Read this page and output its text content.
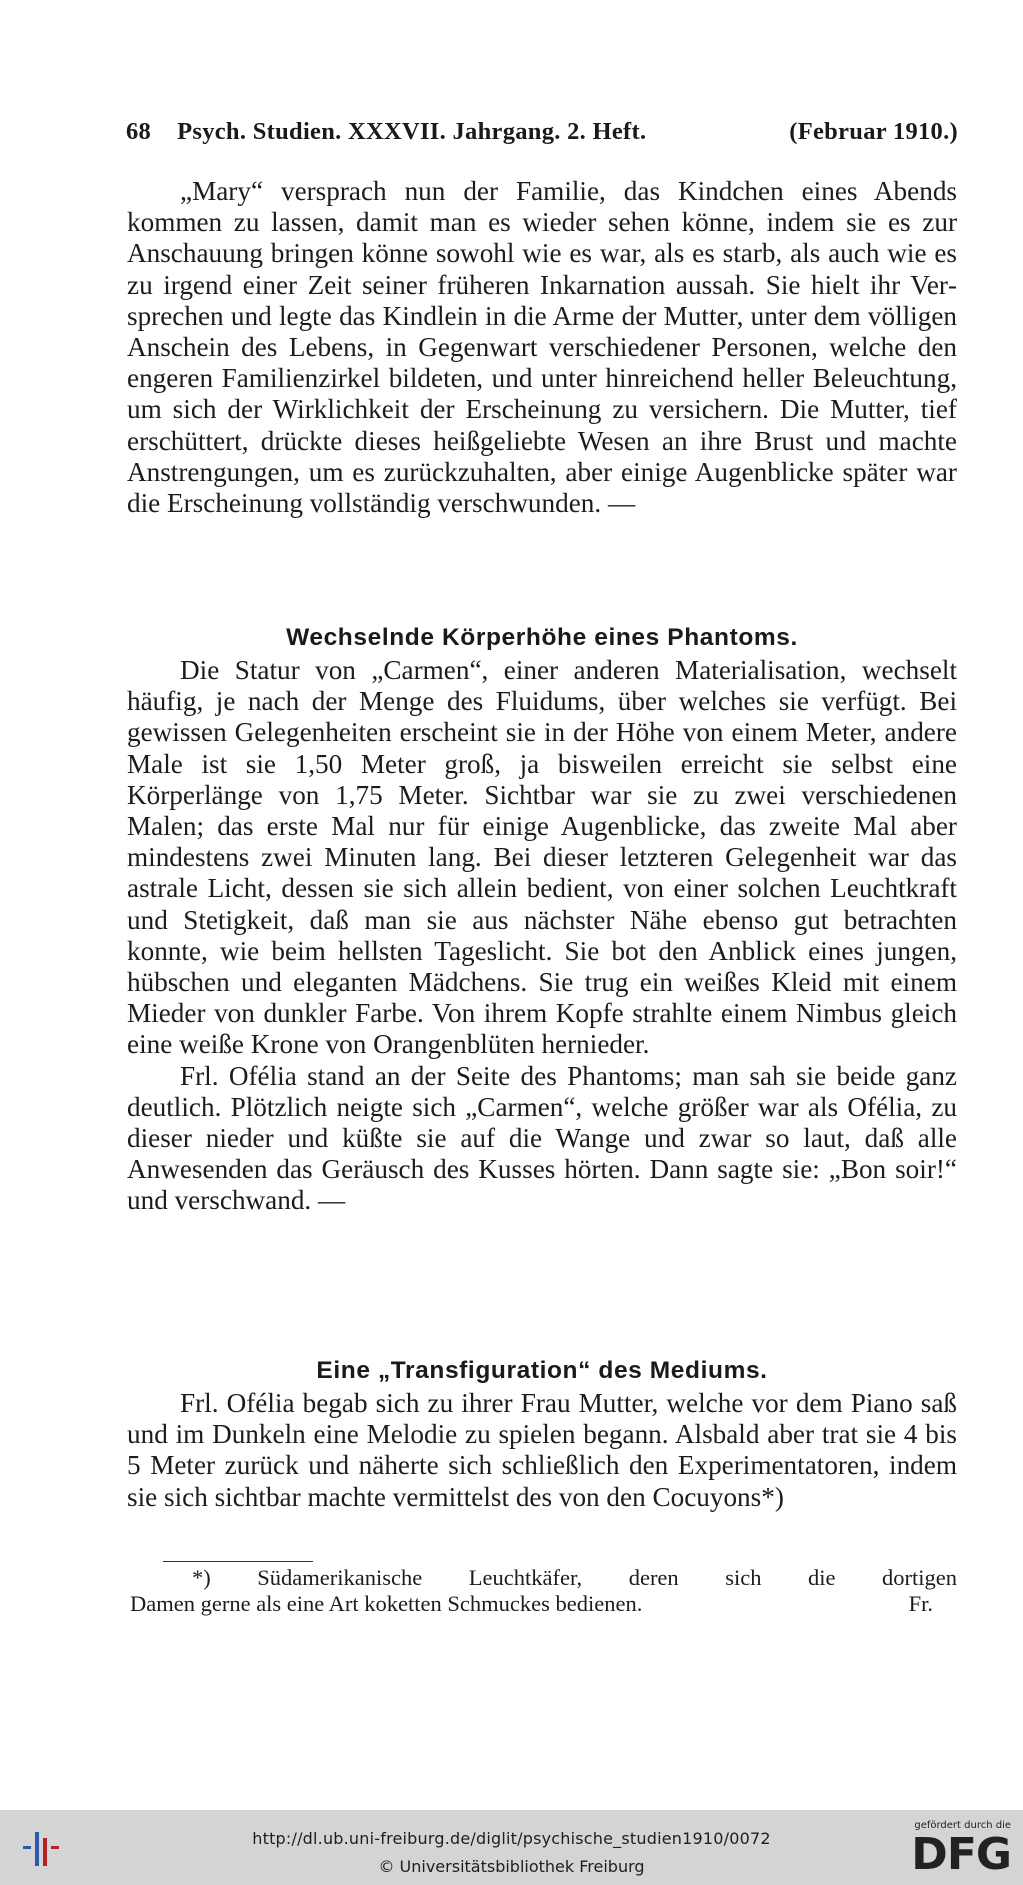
68 Psych. Studien. XXXVII. Jahrgang. 2. Heft.	(Februar 1910.)

„Mary“ versprach nun der Familie, das Kindchen eines Abends kommen zu lassen, damit man es wieder sehen könne, indem sie es zur Anschauung bringen könne sowohl wie es war, als es starb, als auch wie es zu irgend einer Zeit seiner früheren Inkarnation aussah. Sie hielt ihr Versprechen und legte das Kindlein in die Arme der Mutter, unter dem völligen Anschein des Lebens, in Gegenwart verschiedener Personen, welche den engeren Familienzirkel bildeten, und unter hinreichend heller Beleuchtung, um sich der Wirklichkeit der Erscheinung zu versichern. Die Mutter, tief erschüttert, drückte dieses heißgeliebte Wesen an ihre Brust und machte Anstrengungen, um es zurückzuhalten, aber einige Augenblicke später war die Erscheinung vollständig verschwunden. —

Wechselnde Körperhöhe eines Phantoms.

Die Statur von „Carmen“, einer anderen Materialisation, wechselt häufig, je nach der Menge des Fluidums, über welches sie verfügt. Bei gewissen Gelegenheiten erscheint sie in der Höhe von einem Meter, andere Male ist sie 1,50 Meter groß, ja bisweilen erreicht sie selbst eine Körperlänge von 1,75 Meter. Sichtbar war sie zu zwei verschiedenen Malen; das erste Mal nur für einige Augenblicke, das zweite Mal aber mindestens zwei Minuten lang. Bei dieser letzteren Gelegenheit war das astrale Licht, dessen sie sich allein bedient, von einer solchen Leuchtkraft und Stetigkeit, daß man sie aus nächster Nähe ebenso gut betrachten konnte, wie beim hellsten Tageslicht. Sie bot den Anblick eines jungen, hübschen und eleganten Mädchens. Sie trug ein weißes Kleid mit einem Mieder von dunkler Farbe. Von ihrem Kopfe strahlte einem Nimbus gleich eine weiße Krone von Orangenblüten hernieder.

Frl. Ofélia stand an der Seite des Phantoms; man sah sie beide ganz deutlich. Plötzlich neigte sich „Carmen“, welche größer war als Ofélia, zu dieser nieder und küßte sie auf die Wange und zwar so laut, daß alle Anwesenden das Geräusch des Kusses hörten. Dann sagte sie: „Bon soir!“ und verschwand. —

Eine „Transfiguration“ des Mediums.

Frl. Ofélia begab sich zu ihrer Frau Mutter, welche vor dem Piano saß und im Dunkeln eine Melodie zu spielen begann. Alsbald aber trat sie 4 bis 5 Meter zurück und näherte sich schließlich den Experimentatoren, indem sie sich sichtbar machte vermittelst des von den Cocuyons*)

*) Südamerikanische Leuchtkäfer, deren sich die dortigen
Damen gerne als eine Art koketten Schmuckes bedienen.	Fr.
http://dl.ub.uni-freiburg.de/diglit/psychische_studien1910/0072
© Universitätsbibliothek Freiburg
gefördert durch die
DFG
